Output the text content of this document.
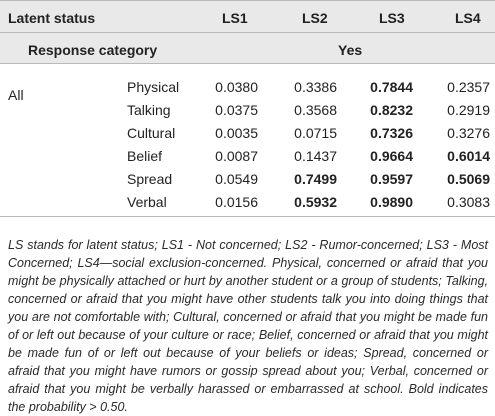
Latent status	LS1	LS2	LS3	LS4
Response category	Yes
All	Physical	0.0380	0.3386	0.7844	0.2357
Talking	0.0375	0.3568	0.8232	0.2919
Cultural	0.0035	0.0715	0.7326	0.3276
Belief	0.0087	0.1437	0.9664	0.6014
Spread	0.0549	0.7499	0.9597	0.5069
Verbal	0.0156	0.5932	0.9890	0.3083
LS stands for latent status; LS1 - Not concerned; LS2 - Rumor-concerned; LS3 - Most Concerned; LS4—social exclusion-concerned. Physical, concerned or afraid that you might be physically attached or hurt by another student or a group of students; Talking, concerned or afraid that you might have other students talk you into doing things that you are not comfortable with; Cultural, concerned or afraid that you might be made fun of or left out because of your culture or race; Belief, concerned or afraid that you might be made fun of or left out because of your beliefs or ideas; Spread, concerned or afraid that you might have rumors or gossip spread about you; Verbal, concerned or afraid that you might be verbally harassed or embarrassed at school. Bold indicates the probability > 0.50.
